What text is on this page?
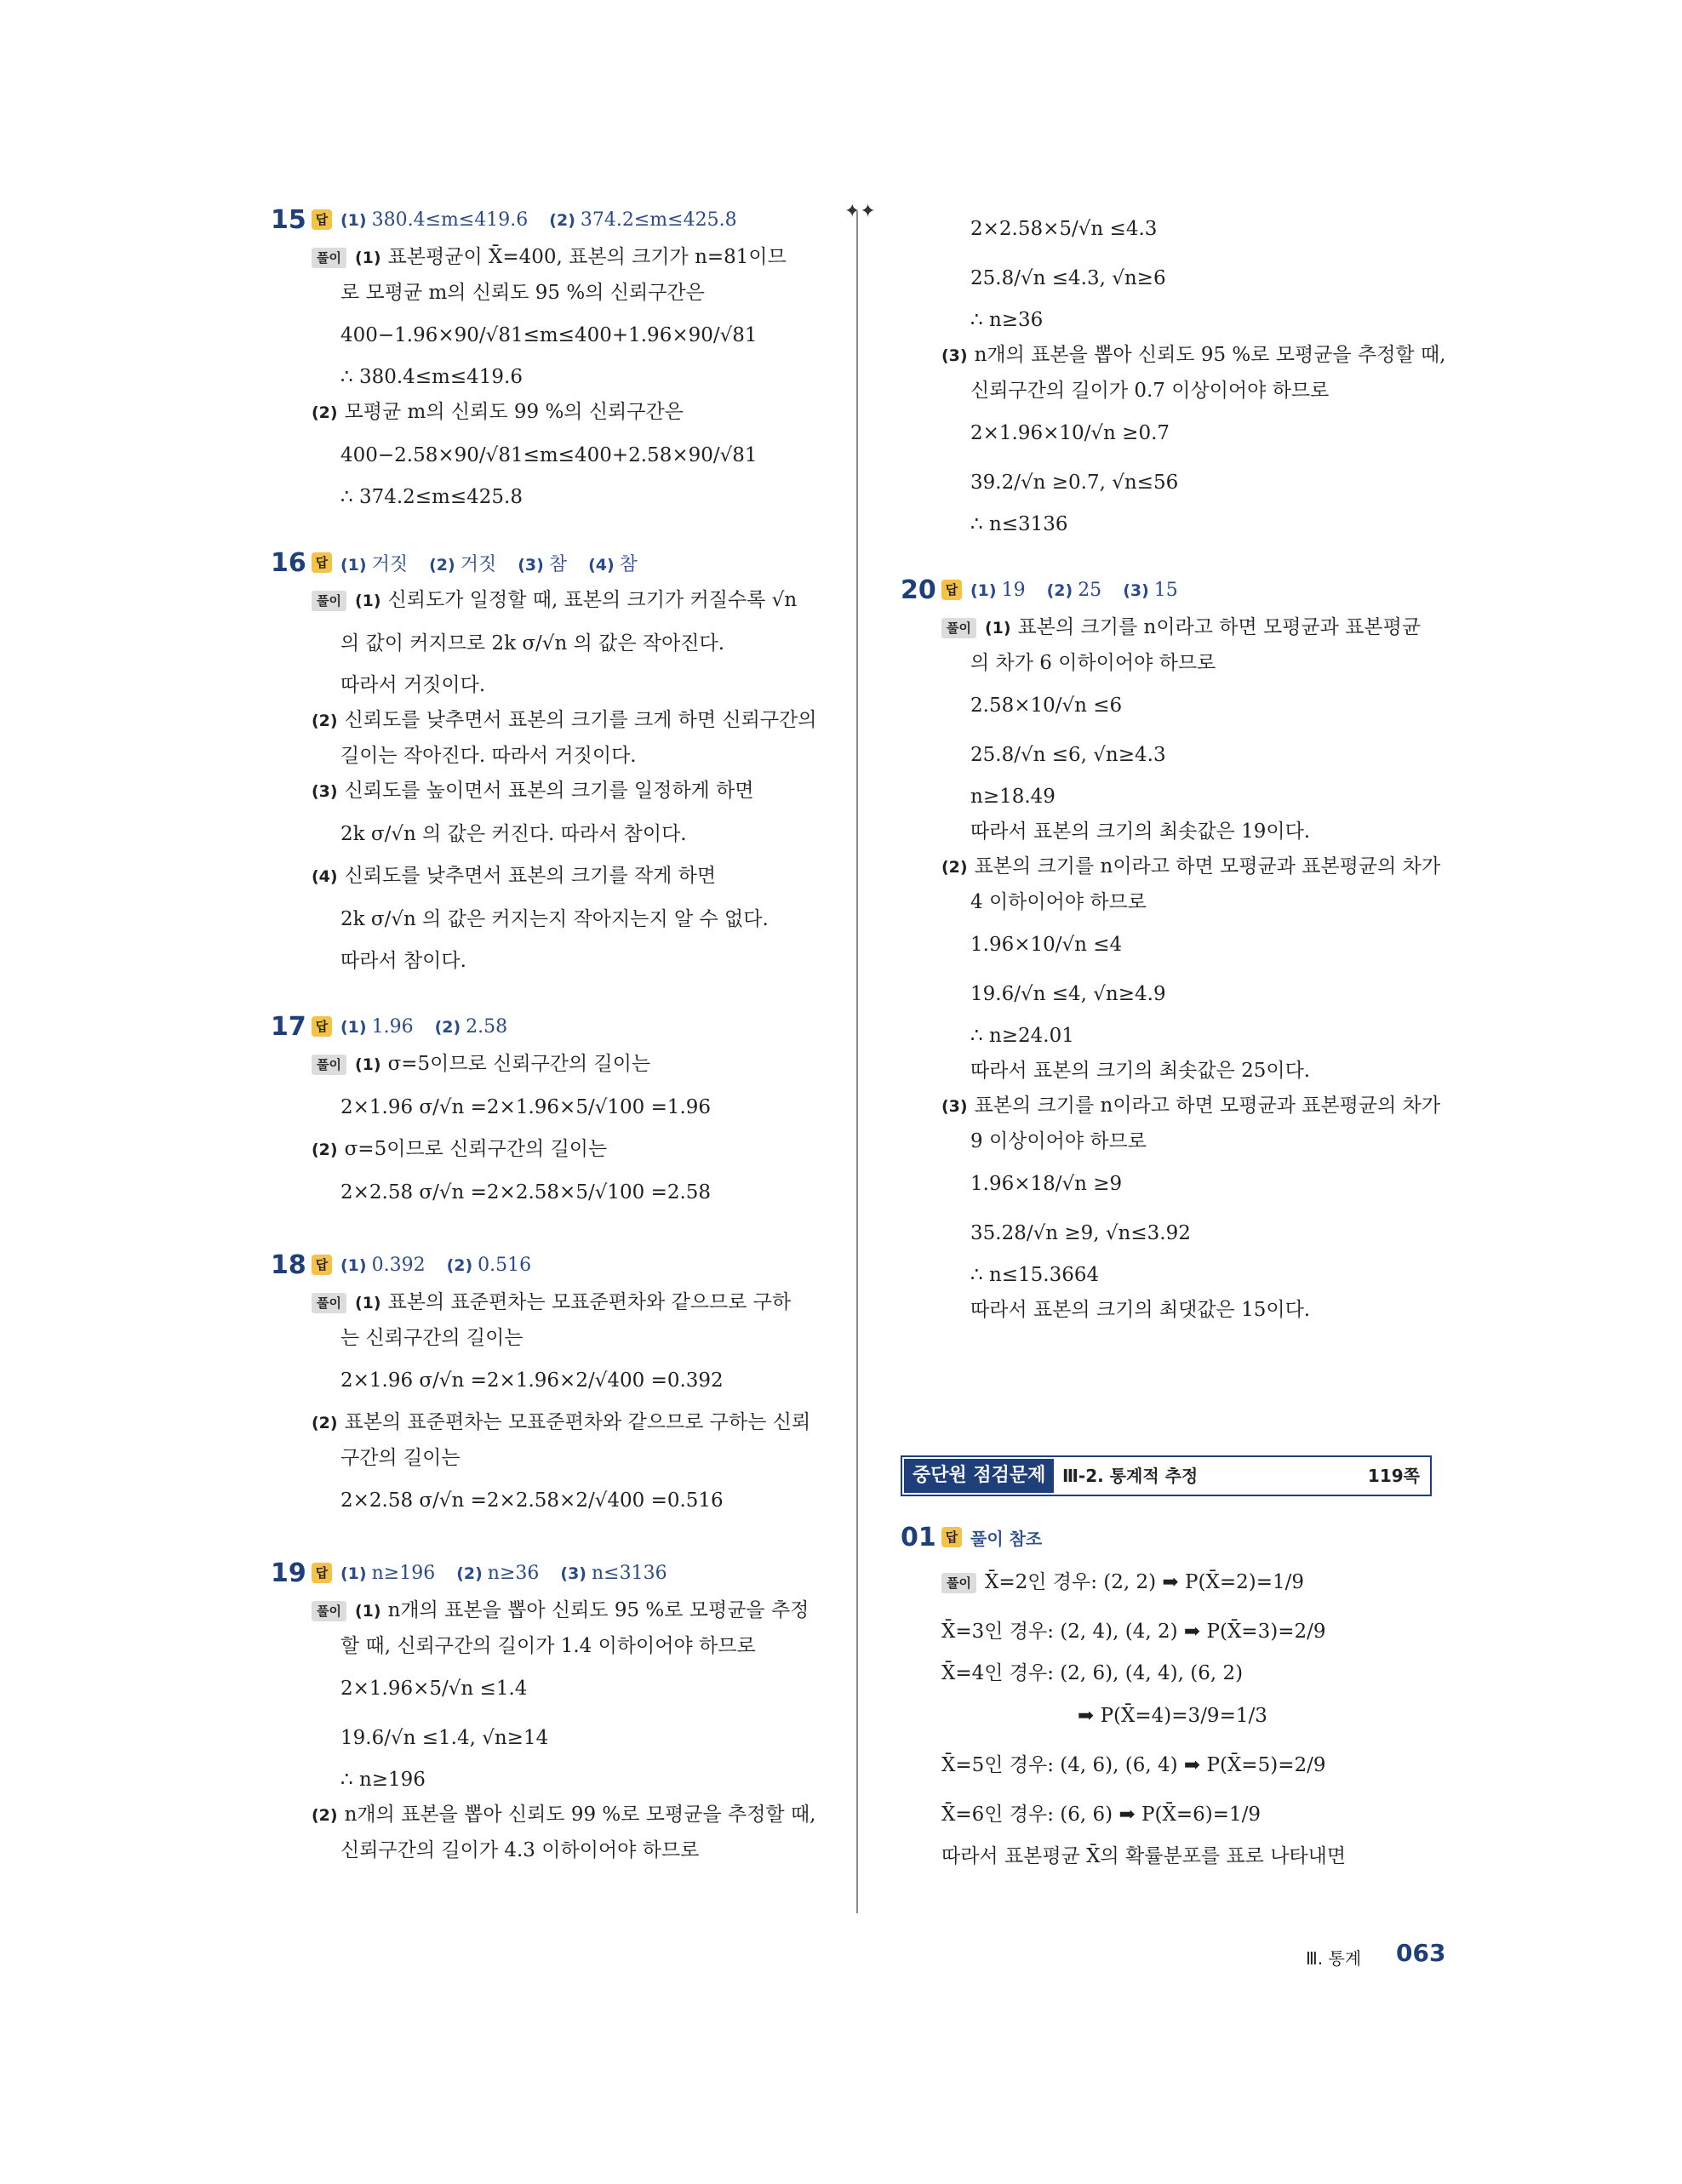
✦✦
15 답 (1) 380.4≤m≤419.6 (2) 374.2≤m≤425.8
풀이 (1) 표본평균이 X̄=400, 표본의 크기가 n=81이므
로 모평균 m의 신뢰도 95 %의 신뢰구간은
400−1.96×90/√81≤m≤400+1.96×90/√81
∴ 380.4≤m≤419.6
(2) 모평균 m의 신뢰도 99 %의 신뢰구간은
400−2.58×90/√81≤m≤400+2.58×90/√81
∴ 374.2≤m≤425.8
16 답 (1) 거짓 (2) 거짓 (3) 참 (4) 참
풀이 (1) 신뢰도가 일정할 때, 표본의 크기가 커질수록 √n
의 값이 커지므로 2k σ/√n 의 값은 작아진다.
따라서 거짓이다.
(2) 신뢰도를 낮추면서 표본의 크기를 크게 하면 신뢰구간의
길이는 작아진다. 따라서 거짓이다.
(3) 신뢰도를 높이면서 표본의 크기를 일정하게 하면
2k σ/√n 의 값은 커진다. 따라서 참이다.
(4) 신뢰도를 낮추면서 표본의 크기를 작게 하면
2k σ/√n 의 값은 커지는지 작아지는지 알 수 없다.
따라서 참이다.
17 답 (1) 1.96 (2) 2.58
풀이 (1) σ=5이므로 신뢰구간의 길이는
2×1.96 σ/√n =2×1.96×5/√100 =1.96
(2) σ=5이므로 신뢰구간의 길이는
2×2.58 σ/√n =2×2.58×5/√100 =2.58
18 답 (1) 0.392 (2) 0.516
풀이 (1) 표본의 표준편차는 모표준편차와 같으므로 구하
는 신뢰구간의 길이는
2×1.96 σ/√n =2×1.96×2/√400 =0.392
(2) 표본의 표준편차는 모표준편차와 같으므로 구하는 신뢰
구간의 길이는
2×2.58 σ/√n =2×2.58×2/√400 =0.516
19 답 (1) n≥196 (2) n≥36 (3) n≤3136
풀이 (1) n개의 표본을 뽑아 신뢰도 95 %로 모평균을 추정
할 때, 신뢰구간의 길이가 1.4 이하이어야 하므로
2×1.96×5/√n ≤1.4
19.6/√n ≤1.4, √n≥14
∴ n≥196
(2) n개의 표본을 뽑아 신뢰도 99 %로 모평균을 추정할 때,
신뢰구간의 길이가 4.3 이하이어야 하므로
2×2.58×5/√n ≤4.3
25.8/√n ≤4.3, √n≥6
∴ n≥36
(3) n개의 표본을 뽑아 신뢰도 95 %로 모평균을 추정할 때,
신뢰구간의 길이가 0.7 이상이어야 하므로
2×1.96×10/√n ≥0.7
39.2/√n ≥0.7, √n≤56
∴ n≤3136
20 답 (1) 19 (2) 25 (3) 15
풀이 (1) 표본의 크기를 n이라고 하면 모평균과 표본평균
의 차가 6 이하이어야 하므로
2.58×10/√n ≤6
25.8/√n ≤6, √n≥4.3
n≥18.49
따라서 표본의 크기의 최솟값은 19이다.
(2) 표본의 크기를 n이라고 하면 모평균과 표본평균의 차가
4 이하이어야 하므로
1.96×10/√n ≤4
19.6/√n ≤4, √n≥4.9
∴ n≥24.01
따라서 표본의 크기의 최솟값은 25이다.
(3) 표본의 크기를 n이라고 하면 모평균과 표본평균의 차가
9 이상이어야 하므로
1.96×18/√n ≥9
35.28/√n ≥9, √n≤3.92
∴ n≤15.3664
따라서 표본의 크기의 최댓값은 15이다.
중단원 점검문제 Ⅲ-2. 통계적 추정	119쪽
01 답 풀이 참조
풀이 X̄=2인 경우: (2, 2) ➡ P(X̄=2)=1/9
X̄=3인 경우: (2, 4), (4, 2) ➡ P(X̄=3)=2/9
X̄=4인 경우: (2, 6), (4, 4), (6, 2)
➡ P(X̄=4)=3/9=1/3
X̄=5인 경우: (4, 6), (6, 4) ➡ P(X̄=5)=2/9
X̄=6인 경우: (6, 6) ➡ P(X̄=6)=1/9
따라서 표본평균 X̄의 확률분포를 표로 나타내면
Ⅲ. 통계 063
